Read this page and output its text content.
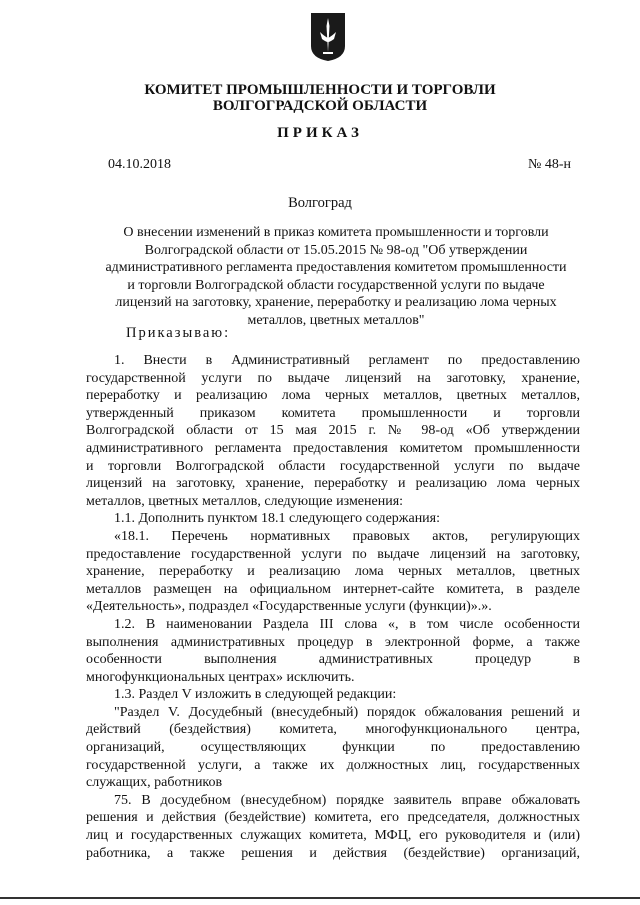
КОМИТЕТ ПРОМЫШЛЕННОСТИ И ТОРГОВЛИ
ВОЛГОГРАДСКОЙ ОБЛАСТИ
ПРИКАЗ
04.10.2018	№ 48-н
Волгоград
О внесении изменений в приказ комитета промышленности и торговли
Волгоградской области от 15.05.2015 № 98-од "Об утверждении
административного регламента предоставления комитетом промышленности
и торговли Волгоградской области государственной услуги по выдаче
лицензий на заготовку, хранение, переработку и реализацию лома черных
металлов, цветных металлов"
Приказываю:
1. Внести в Административный регламент по предоставлению
государственной услуги по выдаче лицензий на заготовку, хранение,
переработку и реализацию лома черных металлов, цветных металлов,
утвержденный приказом комитета промышленности и торговли
Волгоградской области от 15 мая 2015 г. № 98-од «Об утверждении
административного регламента предоставления комитетом промышленности
и торговли Волгоградской области государственной услуги по выдаче
лицензий на заготовку, хранение, переработку и реализацию лома черных
металлов, цветных металлов, следующие изменения:
1.1. Дополнить пунктом 18.1 следующего содержания:
«18.1. Перечень нормативных правовых актов, регулирующих
предоставление государственной услуги по выдаче лицензий на заготовку,
хранение, переработку и реализацию лома черных металлов, цветных
металлов размещен на официальном интернет-сайте комитета, в разделе
«Деятельность», подраздел «Государственные услуги (функции)».».
1.2. В наименовании Раздела III слова «, в том числе особенности
выполнения административных процедур в электронной форме, а также
особенности выполнения административных процедур в
многофункциональных центрах» исключить.
1.3. Раздел V изложить в следующей редакции:
"Раздел V. Досудебный (внесудебный) порядок обжалования решений и
действий (бездействия) комитета, многофункционального центра,
организаций, осуществляющих функции по предоставлению
государственной услуги, а также их должностных лиц, государственных
служащих, работников
75. В досудебном (внесудебном) порядке заявитель вправе обжаловать
решения и действия (бездействие) комитета, его председателя, должностных
лиц и государственных служащих комитета, МФЦ, его руководителя и (или)
работника, а также решения и действия (бездействие) организаций,
